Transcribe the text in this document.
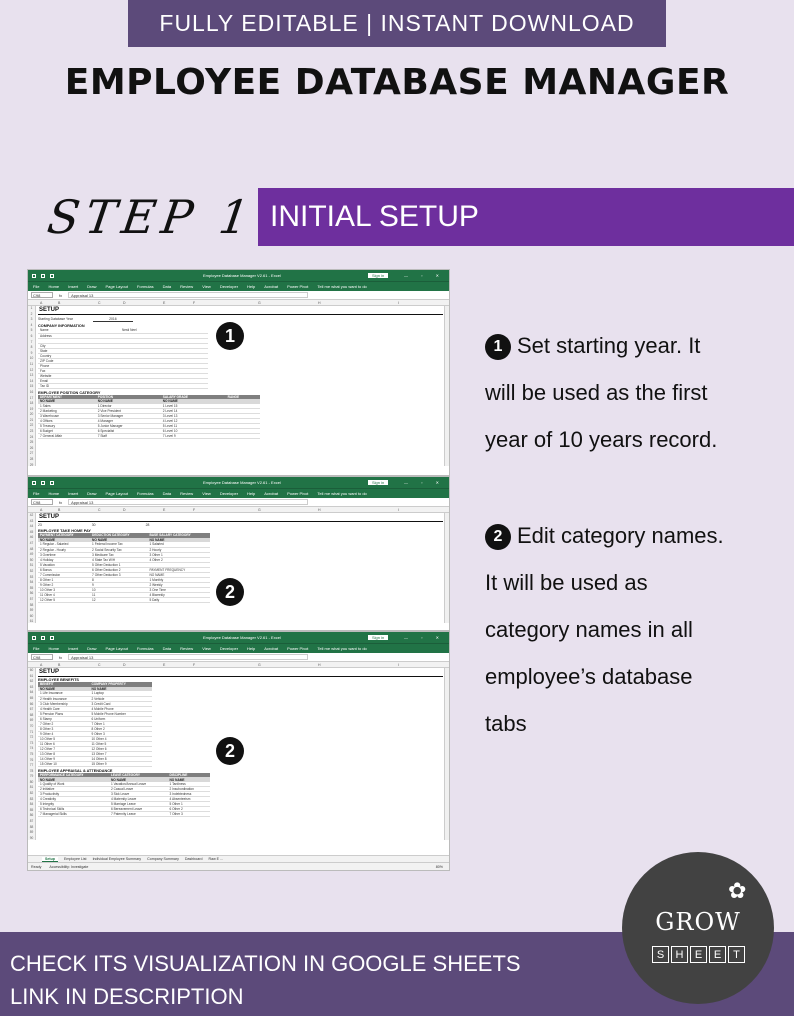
FULLY EDITABLE | INSTANT DOWNLOAD
EMPLOYEE DATABASE MANAGER
STEP 1 INITIAL SETUP
Employee Database Manager V2.61 - Excel	Sign in	— ▫ ✕
File Home Insert Draw Page Layout Formulas Data Review View Developer Help Acrobat Power Pivot Tell me what you want to do
C98	fx	Appraisal 13
A	B	C	D	E	F	G	H	I
1
2
3
4
5
6
7
8
9
10
11
12
13
14
15
16
17
18
19
20
21
22
23
24
25
26
27
28
29
SETUP
Starting Database Year	2016
COMPANY INFORMATION
Name	Nesti Neel
Address	

City	
State	
Country	
ZIP Code	
Phone	
Fax	
Website	
Email	
Tax ID	
EMPLOYEE POSITION CATEGORY
DEPARTMENT	POSITION	SALARY GRADE	RANGE
NO NAME	NO NAME	NO NAME	
1 Sales	1 Director	1 Level 15	
2 Marketing	2 Vice President	2 Level 14	
3 Warehouse	3 Senior Manager	3 Level 13	
4 Offices	4 Manager	4 Level 12	
5 Treasury	5 Junior Manager	5 Level 11	
6 Budget	6 Specialist	6 Level 10	
7 General Affair	7 Staff	7 Level 9	
Employee Database Manager V2.61 - Excel	Sign in	— ▫ ✕
File Home Insert Draw Page Layout Formulas Data Review View Developer Help Acrobat Power Pivot Tell me what you want to do
C98	fx	Appraisal 13
A	B	C	D	E	F	G	H	I
42
43
44
45
46
47
48
49
50
51
52
53
54
55
56
57
58
59
60
61
SETUP
23	30	28
EMPLOYEE TAKE HOME PAY
PAYMENT CATEGORY	DEDUCTION CATEGORY	BASE SALARY CATEGORY
NO NAME	NO NAME	NO NAME
1 Regular - Salaried	1 Federal Income Tax	1 Salaried
2 Regular - Hourly	2 Social Security Tax	2 Hourly
3 Overtime	3 Medicare Tax	3 Other 1
4 Holiday	4 State Tax W/H	4 Other 2
5 Vacation	5 Other Deduction 1	
6 Bonus	6 Other Deduction 2	PAYMENT FREQUENCY
7 Commission	7 Other Deduction 3	NO NAME
8 Other 1	8	1 Monthly
9 Other 2	9	2 Weekly
10 Other 3	10	3 One Time
11 Other 4	11	4 Biweekly
12 Other 5	12	5 Daily
Employee Database Manager V2.61 - Excel	Sign in	— ▫ ✕
File Home Insert Draw Page Layout Formulas Data Review View Developer Help Acrobat Power Pivot Tell me what you want to do
C98	fx	Appraisal 13
A	B	C	D	E	F	G	H	I
60
61
62
63
64
65
66
67
68
69
70
71
72
73
74
75
76
77
78
79
80
81
82
83
84
85
86
87
88
89
90
SETUP
EMPLOYEE BENEFITS
BENEFIT	COMPANY PROPERTY
NO NAME	NO NAME
1 Life Insurance	1 Laptop
2 Health Insurance	2 Vehicle
3 Club Membership	3 Credit Card
4 Health Care	4 Mobile Phone
5 Pension Plans	5 Mobile Phone Number
6 Stamp	6 Uniform
7 Other 2	7 Other 1
8 Other 3	8 Other 2
9 Other 4	9 Other 3
10 Other 5	10 Other 4
11 Other 6	11 Other 5
12 Other 7	12 Other 6
13 Other 8	13 Other 7
14 Other 9	14 Other 8
15 Other 10	15 Other 9
EMPLOYEE APPRAISAL & ATTENDANCE
PERFORMANCE CATEGORY	LEAVE CATEGORY	DISCIPLINE
NO NAME	NO NAME	NO NAME
1 Quality of Work	1 Vacation/Annual Leave	1 Tardiness
2 Initiative	2 Casual Leave	2 Insubordination
3 Productivity	3 Sick Leave	3 Indebtedness
4 Creativity	4 Maternity Leave	4 Absenteeism
5 Integrity	5 Marriage Leave	5 Other 1
6 Technical Skills	6 Bereavement Leave	6 Other 2
7 Managerial Skills	7 Paternity Leave	7 Other 3
Setup	Employee List Individual Employee Summary Company Summary Dashboard Raw E ...
Ready Accessibility: Investigate	80%
1
2
2
1 Set starting year. It
will be used as the first
year of 10 years record.
2 Edit category names.
It will be used as
category names in all
employee’s database
tabs
CHECK ITS VISUALIZATION IN GOOGLE SHEETS
LINK IN DESCRIPTION
✿
GROW
S	H	E	E	T
